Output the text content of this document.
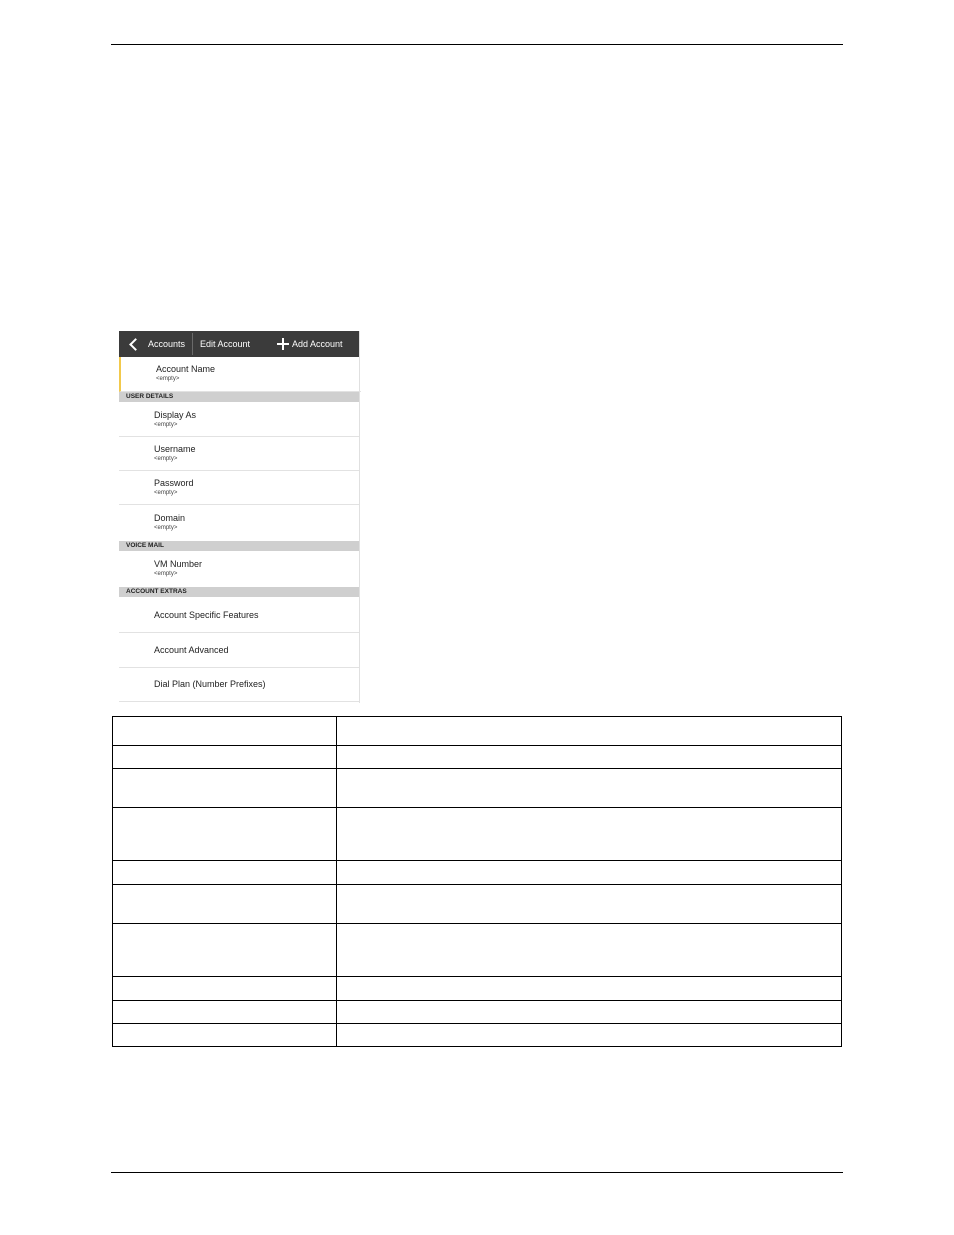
Accounts Edit Account	Add Account
Account Name
<empty>
USER DETAILS
Display As
<empty>
Username
<empty>
Password
<empty>
Domain
<empty>
VOICE MAIL
VM Number
<empty>
ACCOUNT EXTRAS
Account Specific Features
Account Advanced
Dial Plan (Number Prefixes)
